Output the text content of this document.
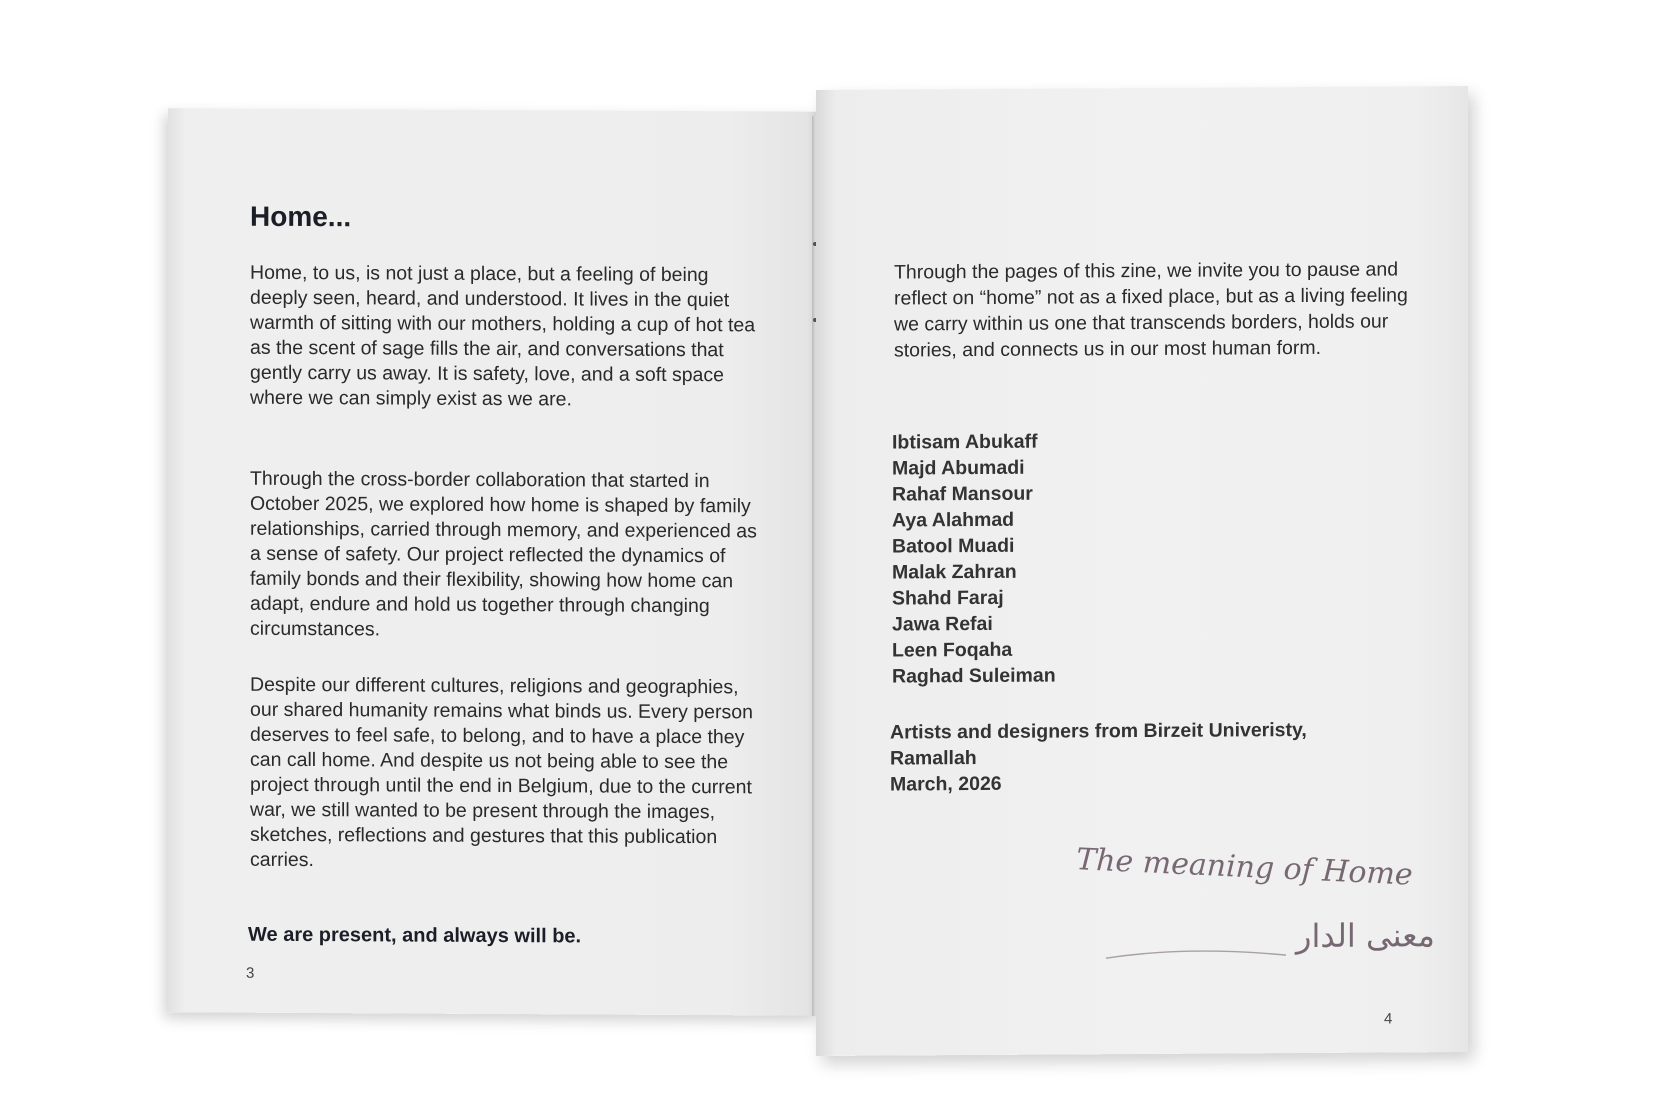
Home...

Home, to us, is not just a place, but a feeling of being deeply seen, heard, and understood. It lives in the quiet warmth of sitting with our mothers, holding a cup of hot tea as the scent of sage fills the air, and conversations that gently carry us away. It is safety, love, and a soft space where we can simply exist as we are.

Through the cross-border collaboration that started in October 2025, we explored how home is shaped by family relationships, carried through memory, and experienced as a sense of safety. Our project reflected the dynamics of family bonds and their flexibility, showing how home can adapt, endure and hold us together through changing circumstances.

Despite our different cultures, religions and geographies, our shared humanity remains what binds us. Every person deserves to feel safe, to belong, and to have a place they can call home. And despite us not being able to see the project through until the end in Belgium, due to the current war, we still wanted to be present through the images, sketches, reflections and gestures that this publication carries.

We are present, and always will be.

3

Through the pages of this zine, we invite you to pause and reflect on “home” not as a fixed place, but as a living feeling we carry within us one that transcends borders, holds our stories, and connects us in our most human form.

Ibtisam Abukaff
Majd Abumadi
Rahaf Mansour
Aya Alahmad
Batool Muadi
Malak Zahran
Shahd Faraj
Jawa Refai
Leen Foqaha
Raghad Suleiman
Artists and designers from Birzeit Univeristy,
Ramallah
March, 2026
The meaning of Home
معنى الدار
4
